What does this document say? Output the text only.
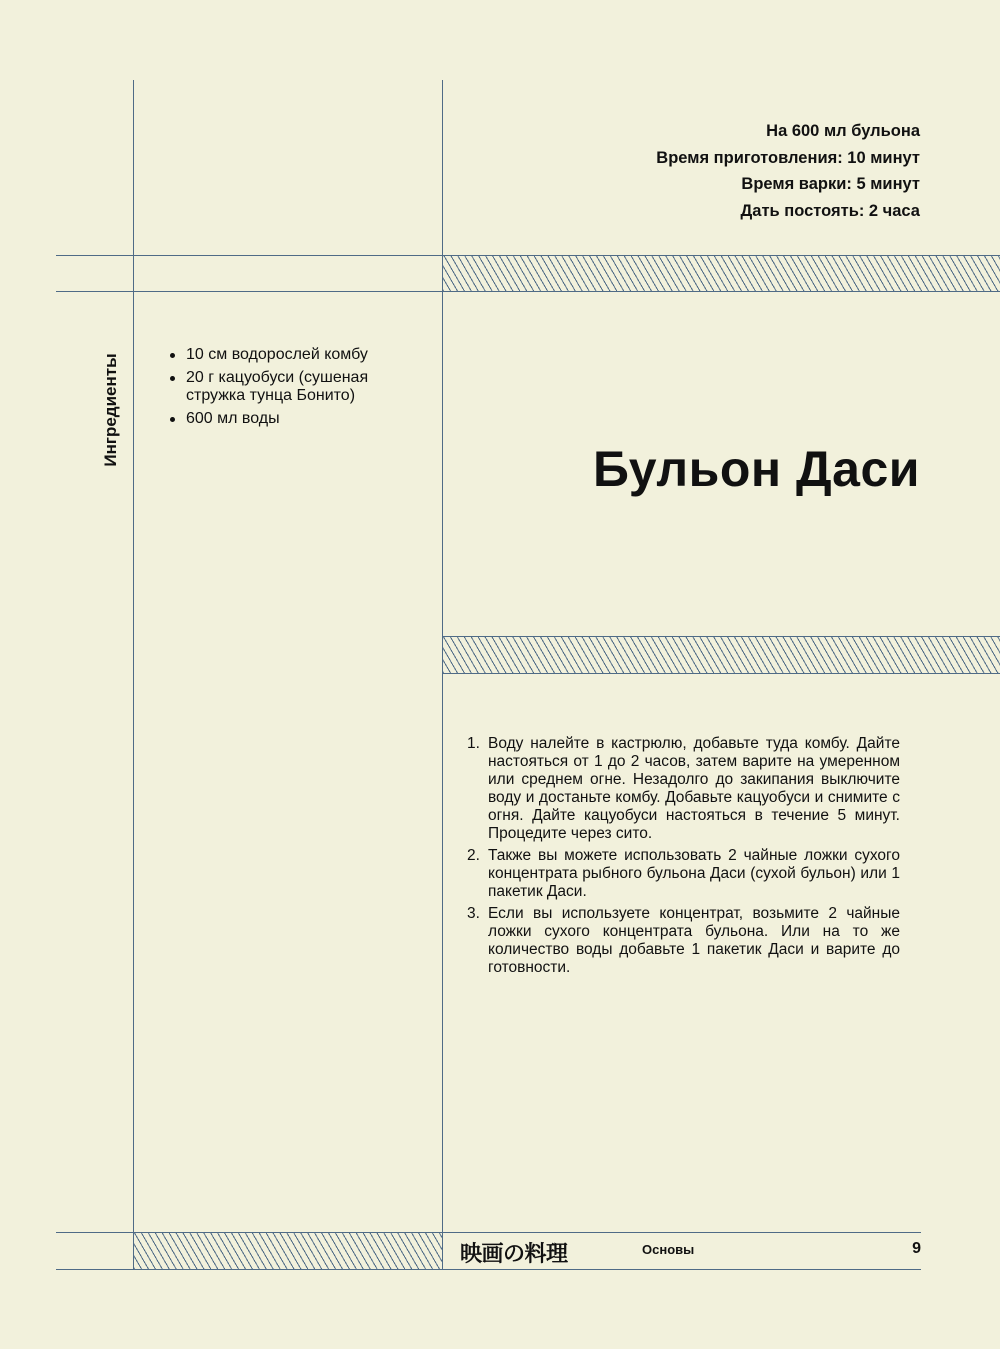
На 600 мл бульона
Время приготовления: 10 минут
Время варки: 5 минут
Дать постоять: 2 часа
Ингредиенты	10 см водорослей комбу
20 г кацуобуси (сушеная стружка тунца Бонито)
600 мл воды
Бульон Даси
1. Воду налейте в кастрюлю, добавьте туда комбу. Дайте настояться от 1 до 2 часов, затем варите на умеренном или среднем огне. Незадолго до закипания выключите воду и достаньте комбу. Добавьте кацуобуси и снимите с огня. Дайте кацуобуси настояться в течение 5 минут. Процедите через сито.
2. Также вы можете использовать 2 чайные ложки сухого концентрата рыбного бульона Даси (сухой бульон) или 1 пакетик Даси.
3. Если вы используете концентрат, возьмите 2 чайные ложки сухого концентрата бульона. Или на то же количество воды добавьте 1 пакетик Даси и варите до готовности.
映画の料理	Основы	9
